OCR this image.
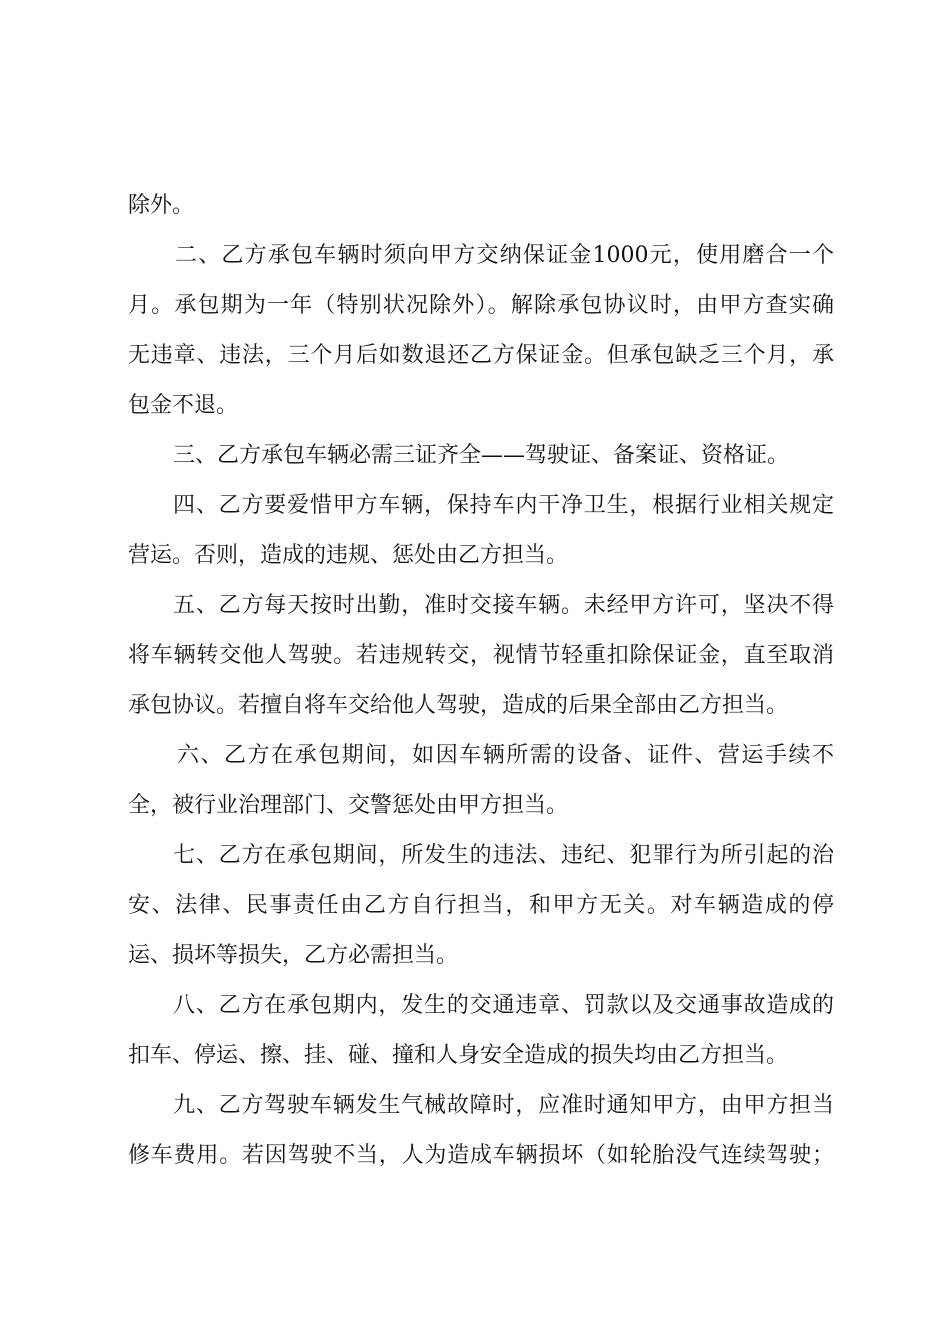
除外。
二、乙方承包车辆时须向甲方交纳保证金1000元，使用磨合一个
月。承包期为一年（特别状况除外）。解除承包协议时，由甲方查实确
无违章、违法，三个月后如数退还乙方保证金。但承包缺乏三个月，承
包金不退。
三、乙方承包车辆必需三证齐全——驾驶证、备案证、资格证。
四、乙方要爱惜甲方车辆，保持车内干净卫生，根据行业相关规定
营运。否则，造成的违规、惩处由乙方担当。
五、乙方每天按时出勤，准时交接车辆。未经甲方许可，坚决不得
将车辆转交他人驾驶。若违规转交，视情节轻重扣除保证金，直至取消
承包协议。若擅自将车交给他人驾驶，造成的后果全部由乙方担当。
六、乙方在承包期间，如因车辆所需的设备、证件、营运手续不
全，被行业治理部门、交警惩处由甲方担当。
七、乙方在承包期间，所发生的违法、违纪、犯罪行为所引起的治
安、法律、民事责任由乙方自行担当，和甲方无关。对车辆造成的停
运、损坏等损失，乙方必需担当。
八、乙方在承包期内，发生的交通违章、罚款以及交通事故造成的
扣车、停运、擦、挂、碰、撞和人身安全造成的损失均由乙方担当。
九、乙方驾驶车辆发生气械故障时，应准时通知甲方，由甲方担当
修车费用。若因驾驶不当，人为造成车辆损坏（如轮胎没气连续驾驶；
